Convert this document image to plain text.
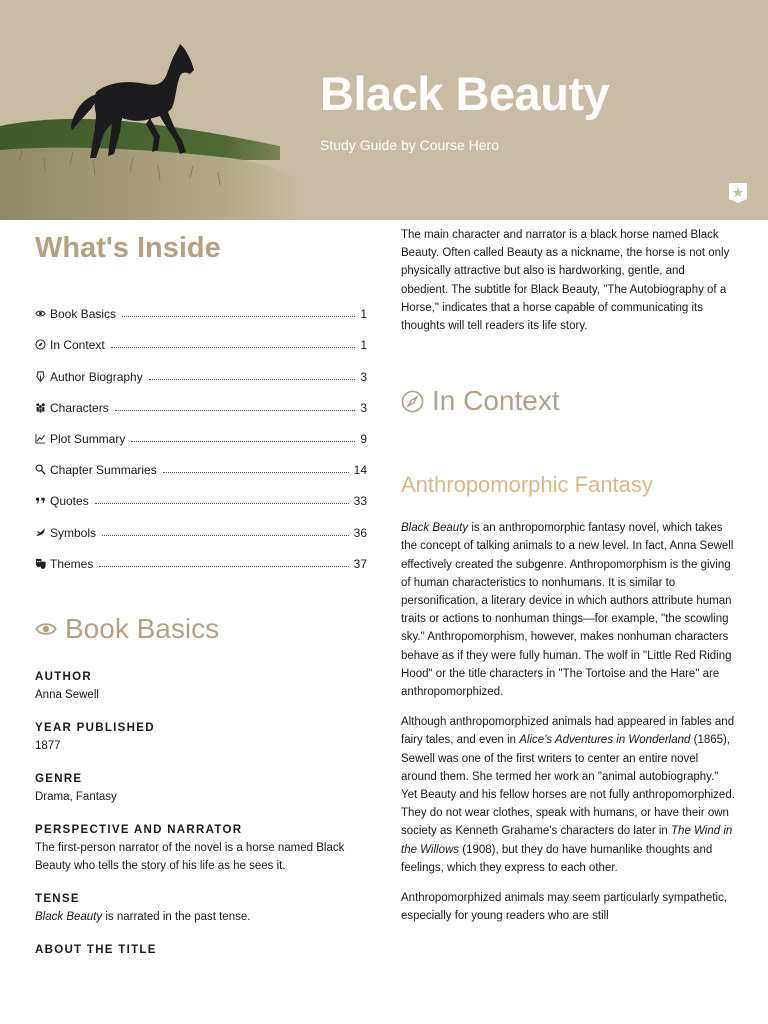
Black Beauty
Study Guide by Course Hero
What's Inside
Book Basics	1
In Context	1
Author Biography	3
Characters	3
Plot Summary	9
Chapter Summaries	14
Quotes	33
Symbols	36
Themes	37
Book Basics
AUTHOR
Anna Sewell
YEAR PUBLISHED
1877
GENRE
Drama, Fantasy
PERSPECTIVE AND NARRATOR
The first-person narrator of the novel is a horse named Black Beauty who tells the story of his life as he sees it.
TENSE
Black Beauty is narrated in the past tense.
ABOUT THE TITLE

The main character and narrator is a black horse named Black Beauty. Often called Beauty as a nickname, the horse is not only physically attractive but also is hardworking, gentle, and obedient. The subtitle for Black Beauty, "The Autobiography of a Horse," indicates that a horse capable of communicating its thoughts will tell readers its life story.

In Context
Anthropomorphic Fantasy

Black Beauty is an anthropomorphic fantasy novel, which takes the concept of talking animals to a new level. In fact, Anna Sewell effectively created the subgenre. Anthropomorphism is the giving of human characteristics to nonhumans. It is similar to personification, a literary device in which authors attribute human traits or actions to nonhuman things—for example, "the scowling sky." Anthropomorphism, however, makes nonhuman characters behave as if they were fully human. The wolf in "Little Red Riding Hood" or the title characters in "The Tortoise and the Hare" are anthropomorphized.

Although anthropomorphized animals had appeared in fables and fairy tales, and even in Alice's Adventures in Wonderland (1865), Sewell was one of the first writers to center an entire novel around them. She termed her work an "animal autobiography." Yet Beauty and his fellow horses are not fully anthropomorphized. They do not wear clothes, speak with humans, or have their own society as Kenneth Grahame's characters do later in The Wind in the Willows (1908), but they do have humanlike thoughts and feelings, which they express to each other.

Anthropomorphized animals may seem particularly sympathetic, especially for young readers who are still
